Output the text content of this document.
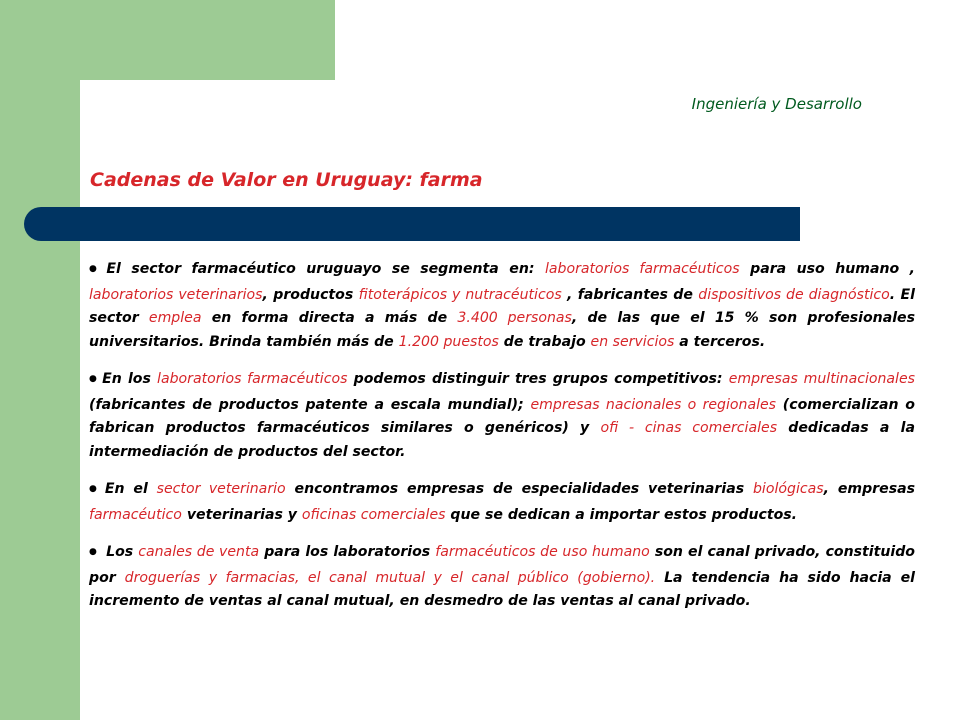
Ingeniería y Desarrollo
Cadenas de Valor en Uruguay: farma

● El sector farmacéutico uruguayo se segmenta en: laboratorios farmacéuticos para uso humano , laboratorios veterinarios, productos fitoterápicos y nutracéuticos , fabricantes de dispositivos de diagnóstico. El sector emplea en forma directa a más de 3.400 personas, de las que el 15 % son profesionales universitarios. Brinda también más de 1.200 puestos de trabajo en servicios a terceros.

● En los laboratorios farmacéuticos podemos distinguir tres grupos competitivos: empresas multinacionales (fabricantes de productos patente a escala mundial); empresas nacionales o regionales (comercializan o fabrican productos farmacéuticos similares o genéricos) y ofi - cinas comerciales dedicadas a la intermediación de productos del sector.

● En el sector veterinario encontramos empresas de especialidades veterinarias biológicas, empresas farmacéutico veterinarias y oficinas comerciales que se dedican a importar estos productos.

● Los canales de venta para los laboratorios farmacéuticos de uso humano son el canal privado, constituido por droguerías y farmacias, el canal mutual y el canal público (gobierno). La tendencia ha sido hacia el incremento de ventas al canal mutual, en desmedro de las ventas al canal privado.
